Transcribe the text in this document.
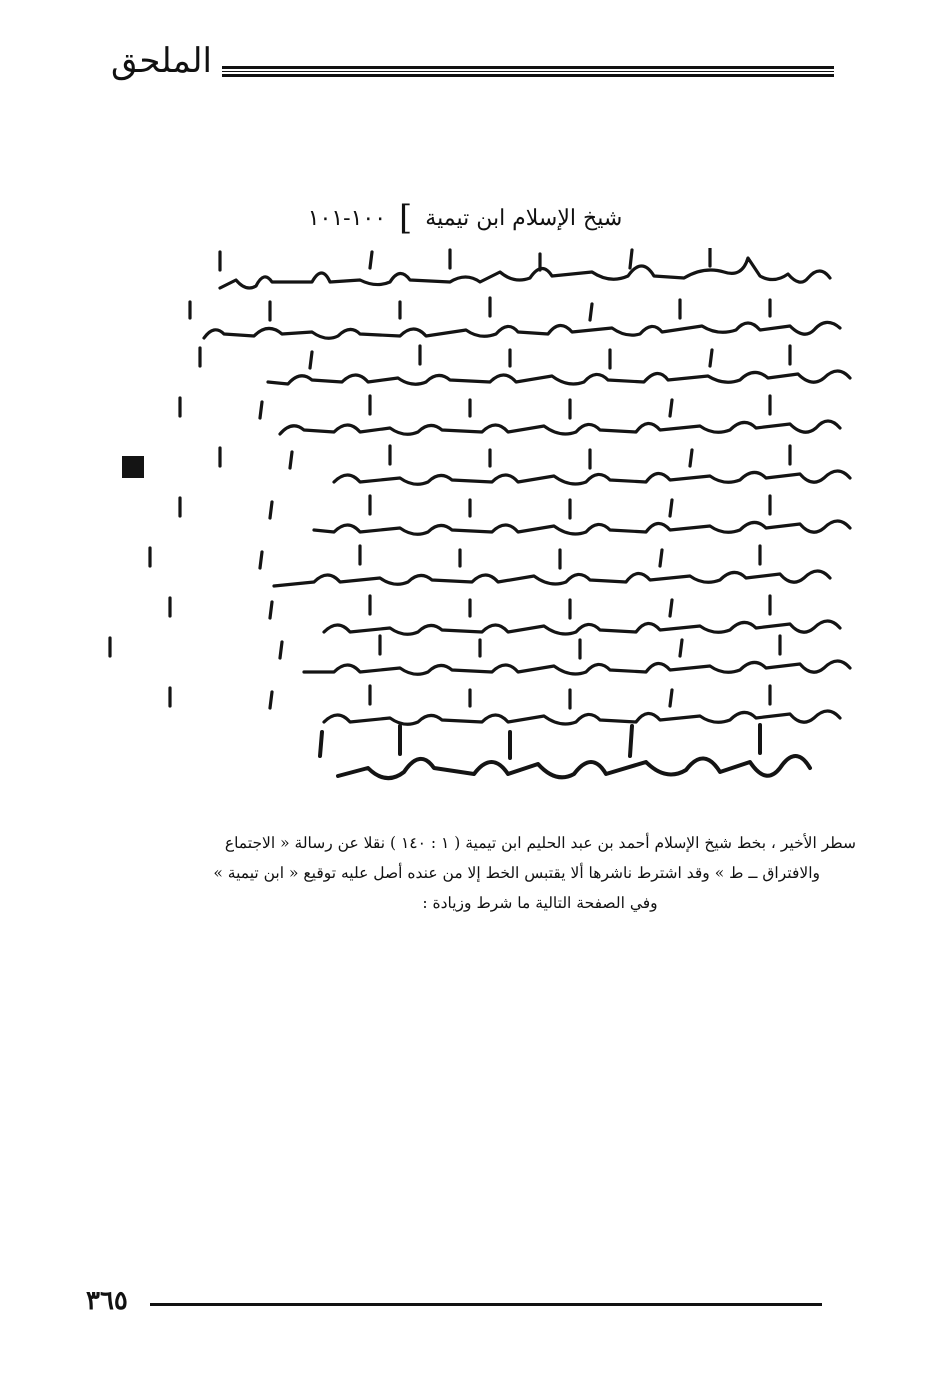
الملحق
شيخ الإسلام ابن تيمية ] ١٠٠-١٠١

سطر الأخير ، بخط شيخ الإسلام أحمد بن عبد الحليم ابن تيمية ( ١ : ١٤٠ ) نقلا عن رسالة « الاجتماع

والافتراق ــ ط » وقد اشترط ناشرها ألا يقتبس الخط إلا من عنده أصل عليه توقيع « ابن تيمية »

وفي الصفحة التالية ما شرط وزيادة :

٣٦٥
